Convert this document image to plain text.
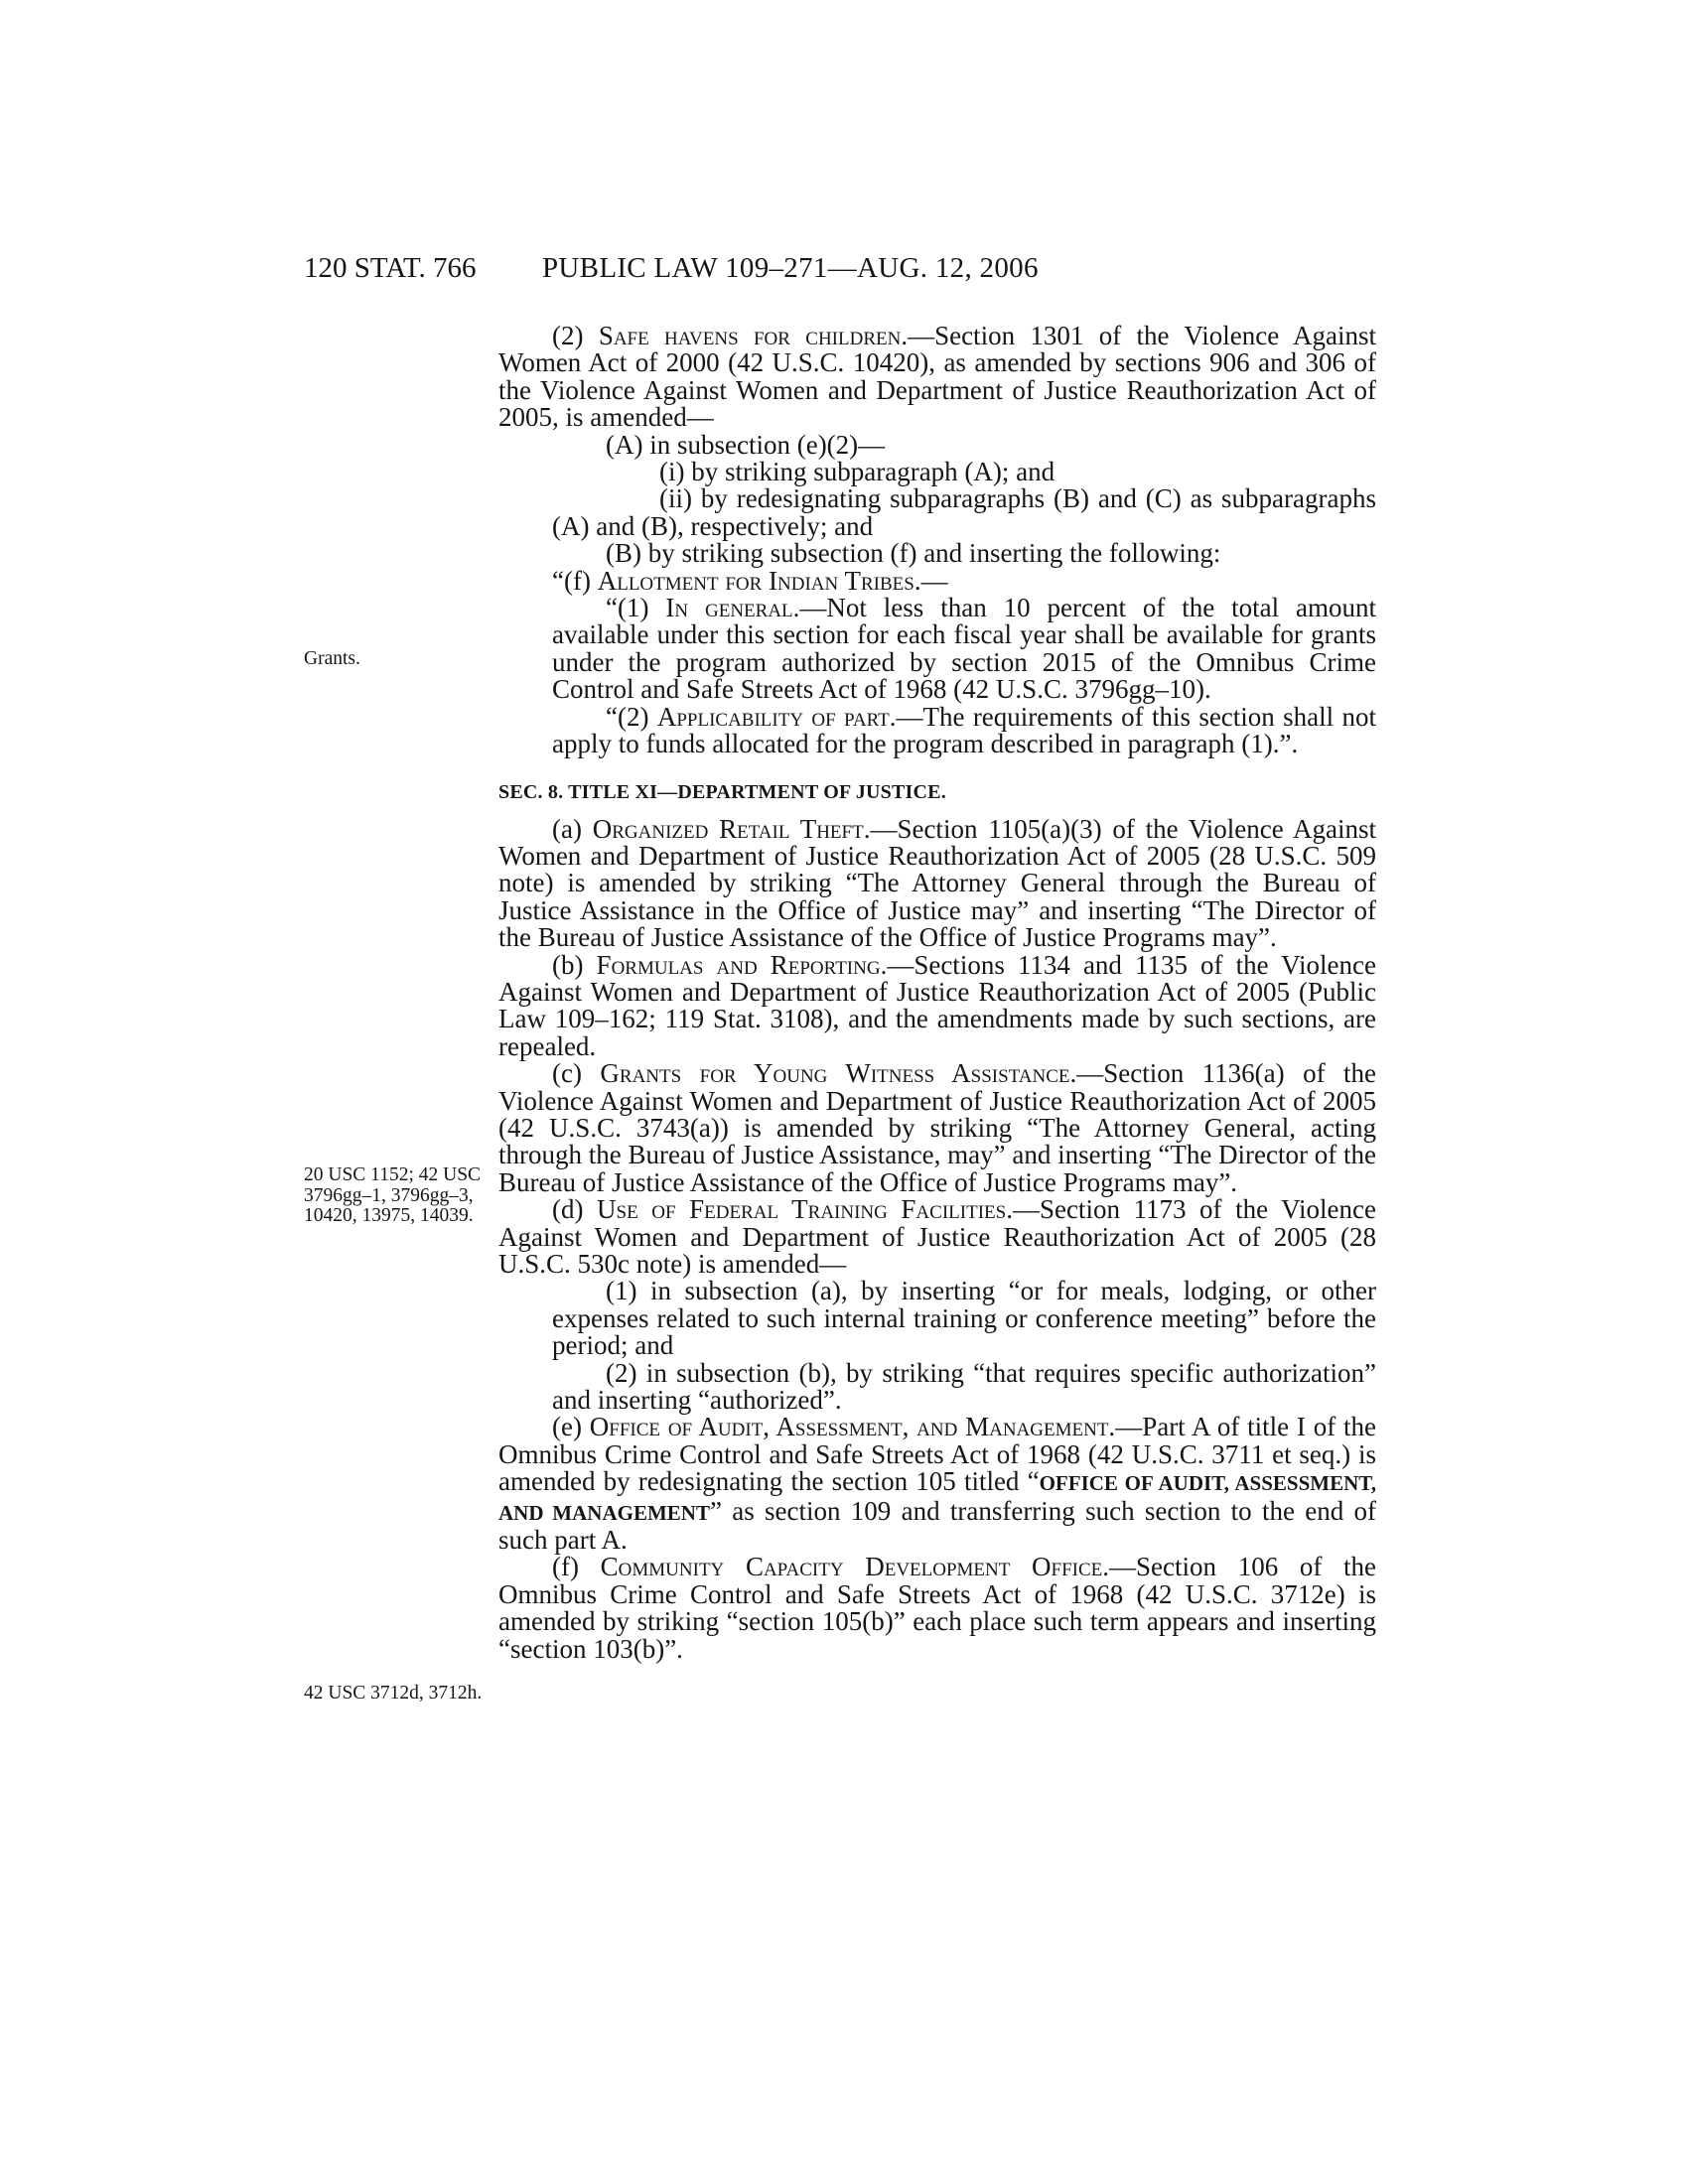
120 STAT. 766 PUBLIC LAW 109–271—AUG. 12, 2006
Grants.
20 USC 1152; 42 USC 3796gg–1, 3796gg–3, 10420, 13975, 14039.
42 USC 3712d, 3712h.

(2) Safe havens for children.—Section 1301 of the Violence Against Women Act of 2000 (42 U.S.C. 10420), as amended by sections 906 and 306 of the Violence Against Women and Department of Justice Reauthorization Act of 2005, is amended—

(A) in subsection (e)(2)—

(i) by striking subparagraph (A); and

(ii) by redesignating subparagraphs (B) and (C) as subparagraphs (A) and (B), respectively; and

(B) by striking subsection (f) and inserting the following:

“(f) Allotment for Indian Tribes.—

“(1) In general.—Not less than 10 percent of the total amount available under this section for each fiscal year shall be available for grants under the program authorized by section 2015 of the Omnibus Crime Control and Safe Streets Act of 1968 (42 U.S.C. 3796gg–10).

“(2) Applicability of part.—The requirements of this section shall not apply to funds allocated for the program described in paragraph (1).”.

SEC. 8. TITLE XI—DEPARTMENT OF JUSTICE.

(a) Organized Retail Theft.—Section 1105(a)(3) of the Violence Against Women and Department of Justice Reauthorization Act of 2005 (28 U.S.C. 509 note) is amended by striking “The Attorney General through the Bureau of Justice Assistance in the Office of Justice may” and inserting “The Director of the Bureau of Justice Assistance of the Office of Justice Programs may”.

(b) Formulas and Reporting.—Sections 1134 and 1135 of the Violence Against Women and Department of Justice Reauthorization Act of 2005 (Public Law 109–162; 119 Stat. 3108), and the amendments made by such sections, are repealed.

(c) Grants for Young Witness Assistance.—Section 1136(a) of the Violence Against Women and Department of Justice Reauthorization Act of 2005 (42 U.S.C. 3743(a)) is amended by striking “The Attorney General, acting through the Bureau of Justice Assistance, may” and inserting “The Director of the Bureau of Justice Assistance of the Office of Justice Programs may”.

(d) Use of Federal Training Facilities.—Section 1173 of the Violence Against Women and Department of Justice Reauthorization Act of 2005 (28 U.S.C. 530c note) is amended—

(1) in subsection (a), by inserting “or for meals, lodging, or other expenses related to such internal training or conference meeting” before the period; and

(2) in subsection (b), by striking “that requires specific authorization” and inserting “authorized”.

(e) Office of Audit, Assessment, and Management.—Part A of title I of the Omnibus Crime Control and Safe Streets Act of 1968 (42 U.S.C. 3711 et seq.) is amended by redesignating the section 105 titled “OFFICE OF AUDIT, ASSESSMENT, AND MANAGEMENT” as section 109 and transferring such section to the end of such part A.

(f) Community Capacity Development Office.—Section 106 of the Omnibus Crime Control and Safe Streets Act of 1968 (42 U.S.C. 3712e) is amended by striking “section 105(b)” each place such term appears and inserting “section 103(b)”.
